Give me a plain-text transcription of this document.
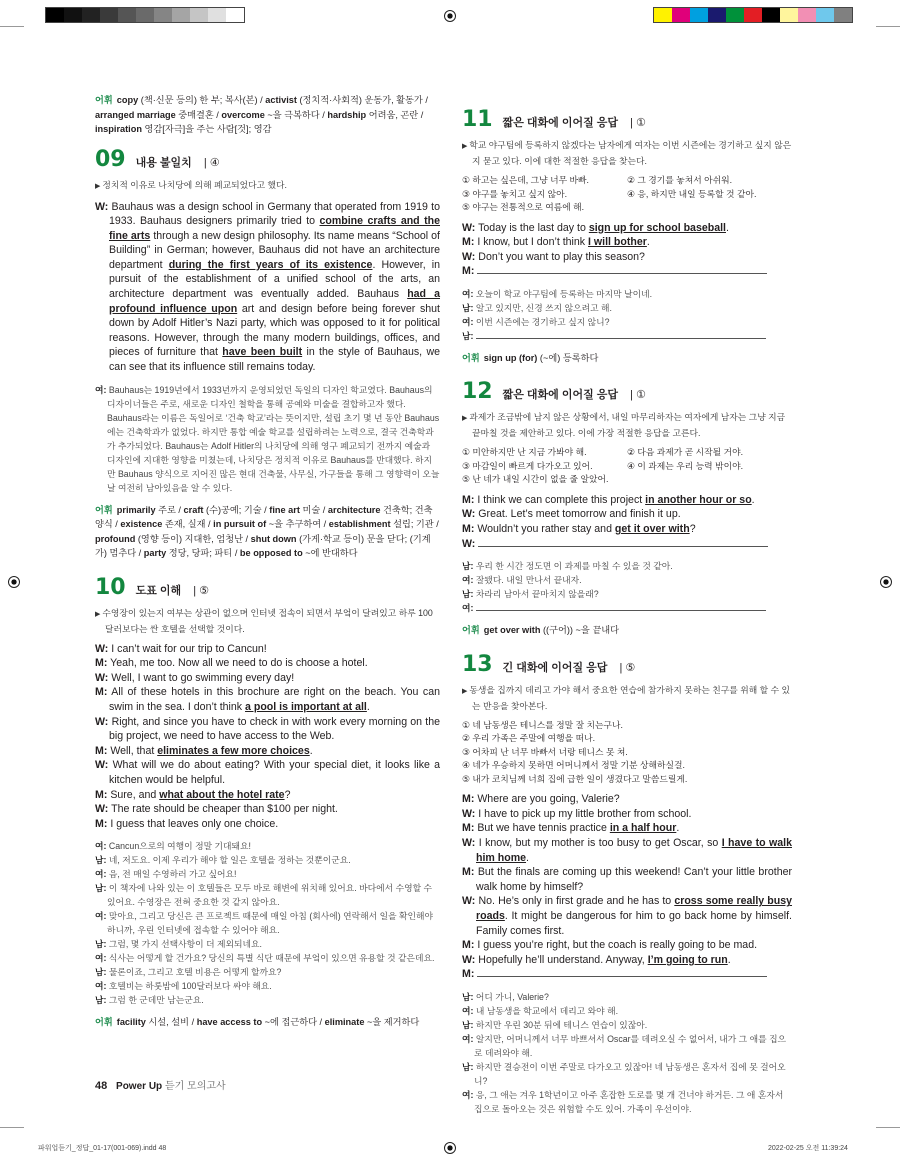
어휘 copy (책·신문 등의) 한 부; 복사(본) / activist (정치적·사회적) 운동가, 활동가 / arranged marriage 중매결혼 / overcome ~을 극복하다 / hardship 어려움, 곤란 / inspiration 영감[자극]을 주는 사람[것]; 영감
09 내용 불일치 | ④
▶ 정치적 이유로 나치당에 의해 폐교되었다고 했다.
W: Bauhaus was a design school in Germany that operated from 1919 to 1933. Bauhaus designers primarily tried to combine crafts and the fine arts through a new design philosophy. Its name means “School of Building” in German; however, Bauhaus did not have an architecture department during the first years of its existence. However, in pursuit of the establishment of a unified school of the arts, an architecture department was eventually added. Bauhaus had a profound influence upon art and design before being forever shut down by Adolf Hitler’s Nazi party, which was opposed to it for political reasons. However, through the many modern buildings, offices, and pieces of furniture that have been built in the style of Bauhaus, we can see that its influence still remains today.
여: Bauhaus는 1919년에서 1933년까지 운영되었던 독일의 디자인 학교였다. Bauhaus의 디자이너들은 주로, 새로운 디자인 철학을 통해 공예와 미술을 결합하고자 했다. Bauhaus라는 이름은 독일어로 ‘건축 학교’라는 뜻이지만, 설립 초기 몇 년 동안 Bauhaus에는 건축학과가 없었다. 하지만 통합 예술 학교를 설립하려는 노력으로, 결국 건축학과가 추가되었다. Bauhaus는 Adolf Hitler의 나치당에 의해 영구 폐교되기 전까지 예술과 디자인에 지대한 영향을 미쳤는데, 나치당은 정치적 이유로 Bauhaus를 반대했다. 하지만 Bauhaus 양식으로 지어진 많은 현대 건축물, 사무실, 가구들을 통해 그 영향력이 오늘날 여전히 남아있음을 알 수 있다.
어휘 primarily 주로 / craft (수)공예; 기술 / fine art 미술 / architecture 건축학; 건축 양식 / existence 존재, 실재 / in pursuit of ~을 추구하여 / establishment 설립; 기관 / profound (영향 등이) 지대한, 엄청난 / shut down (가게·학교 등이) 문을 닫다; (기계가) 멈추다 / party 정당, 당파; 파티 / be opposed to ~에 반대하다
10 도표 이해 | ⑤
▶ 수영장이 있는지 여부는 상관이 없으며 인터넷 접속이 되면서 부엌이 달려있고 하루 100달러보다는 싼 호텔을 선택할 것이다.
W: I can’t wait for our trip to Cancun!
M: Yeah, me too. Now all we need to do is choose a hotel.
W: Well, I want to go swimming every day!
M: All of these hotels in this brochure are right on the beach. You can swim in the sea. I don’t think a pool is important at all.
W: Right, and since you have to check in with work every morning on the big project, we need to have access to the Web.
M: Well, that eliminates a few more choices.
W: What will we do about eating? With your special diet, it looks like a kitchen would be helpful.
M: Sure, and what about the hotel rate?
W: The rate should be cheaper than $100 per night.
M: I guess that leaves only one choice.
여: Cancun으로의 여행이 정말 기대돼요!
남: 네, 저도요. 이제 우리가 해야 할 일은 호텔을 정하는 것뿐이군요.
여: 음, 전 매일 수영하러 가고 싶어요!
남: 이 책자에 나와 있는 이 호텔들은 모두 바로 해변에 위치해 있어요. 바다에서 수영할 수 있어요. 수영장은 전혀 중요한 것 같지 않아요.
여: 맞아요, 그리고 당신은 큰 프로젝트 때문에 매일 아침 (회사에) 연락해서 일을 확인해야 하니까, 우린 인터넷에 접속할 수 있어야 해요.
남: 그럼, 몇 가지 선택사항이 더 제외되네요.
여: 식사는 어떻게 할 건가요? 당신의 특별 식단 때문에 부엌이 있으면 유용할 것 같은데요.
남: 물론이죠, 그리고 호텔 비용은 어떻게 할까요?
여: 호텔비는 하룻밤에 100달러보다 싸야 해요.
남: 그럼 한 군데만 남는군요.
어휘 facility 시설, 설비 / have access to ~에 접근하다 / eliminate ~을 제거하다
11 짧은 대화에 이어질 응답 | ①
▶ 학교 야구팀에 등록하지 않겠다는 남자에게 여자는 이번 시즌에는 경기하고 싶지 않은지 묻고 있다. 이에 대한 적절한 응답을 찾는다.
① 하고는 싶은데, 그냥 너무 바빠.	② 그 경기를 놓쳐서 아쉬워.
③ 야구를 놓치고 싶지 않아.	④ 응, 하지만 내일 등록할 것 같아.
⑤ 야구는 전통적으로 여름에 해.
W: Today is the last day to sign up for school baseball.
M: I know, but I don’t think I will bother.
W: Don’t you want to play this season?
M:
여: 오늘이 학교 야구팀에 등록하는 마지막 날이네.
남: 알고 있지만, 신경 쓰지 않으려고 해.
여: 이번 시즌에는 경기하고 싶지 않니?
남:
어휘 sign up (for) (~에) 등록하다
12 짧은 대화에 이어질 응답 | ①
▶ 과제가 조금밖에 남지 않은 상황에서, 내일 마무리하자는 여자에게 남자는 그냥 지금 끝마칠 것을 제안하고 있다. 이에 가장 적절한 응답을 고른다.
① 미안하지만 난 지금 가봐야 해.	② 다음 과제가 곧 시작될 거야.
③ 마감일이 빠르게 다가오고 있어.	④ 이 과제는 우리 능력 밖이야.
⑤ 난 네가 내일 시간이 없을 줄 알았어.
M: I think we can complete this project in another hour or so.
W: Great. Let’s meet tomorrow and finish it up.
M: Wouldn’t you rather stay and get it over with?
W:
남: 우리 한 시간 정도면 이 과제를 마칠 수 있을 것 같아.
여: 잘됐다. 내일 만나서 끝내자.
남: 차라리 남아서 끝마치지 않을래?
여:
어휘 get over with ((구어)) ~을 끝내다
13 긴 대화에 이어질 응답 | ⑤
▶ 동생을 집까지 데리고 가야 해서 중요한 연습에 참가하지 못하는 친구를 위해 할 수 있는 반응을 찾아본다.
① 네 남동생은 테니스를 정말 잘 치는구나.
② 우리 가족은 주말에 여행을 떠나.
③ 어차피 난 너무 바빠서 너랑 테니스 못 쳐.
④ 네가 우승하지 못하면 어머니께서 정말 기분 상해하실걸.
⑤ 내가 코치님께 너희 집에 급한 일이 생겼다고 말씀드릴게.
M: Where are you going, Valerie?
W: I have to pick up my little brother from school.
M: But we have tennis practice in a half hour.
W: I know, but my mother is too busy to get Oscar, so I have to walk him home.
M: But the finals are coming up this weekend! Can’t your little brother walk home by himself?
W: No. He’s only in first grade and he has to cross some really busy roads. It might be dangerous for him to go back home by himself. Family comes first.
M: I guess you’re right, but the coach is really going to be mad.
W: Hopefully he’ll understand. Anyway, I’m going to run.
M:
남: 어디 가니, Valerie?
여: 내 남동생을 학교에서 데리고 와야 해.
남: 하지만 우린 30분 뒤에 테니스 연습이 있잖아.
여: 알지만, 어머니께서 너무 바쁘셔서 Oscar를 데려오실 수 없어서, 내가 그 애를 집으로 데려와야 해.
남: 하지만 결승전이 이번 주말로 다가오고 있잖아! 네 남동생은 혼자서 집에 못 걸어오니?
여: 응, 그 애는 겨우 1학년이고 아주 혼잡한 도로를 몇 개 건너야 하거든. 그 애 혼자서 집으로 돌아오는 것은 위험할 수도 있어. 가족이 우선이야.
48 Power Up 듣기 모의고사
파워업듣기_정답_01-17(001-069).indd 48	2022-02-25 오전 11:39:24
